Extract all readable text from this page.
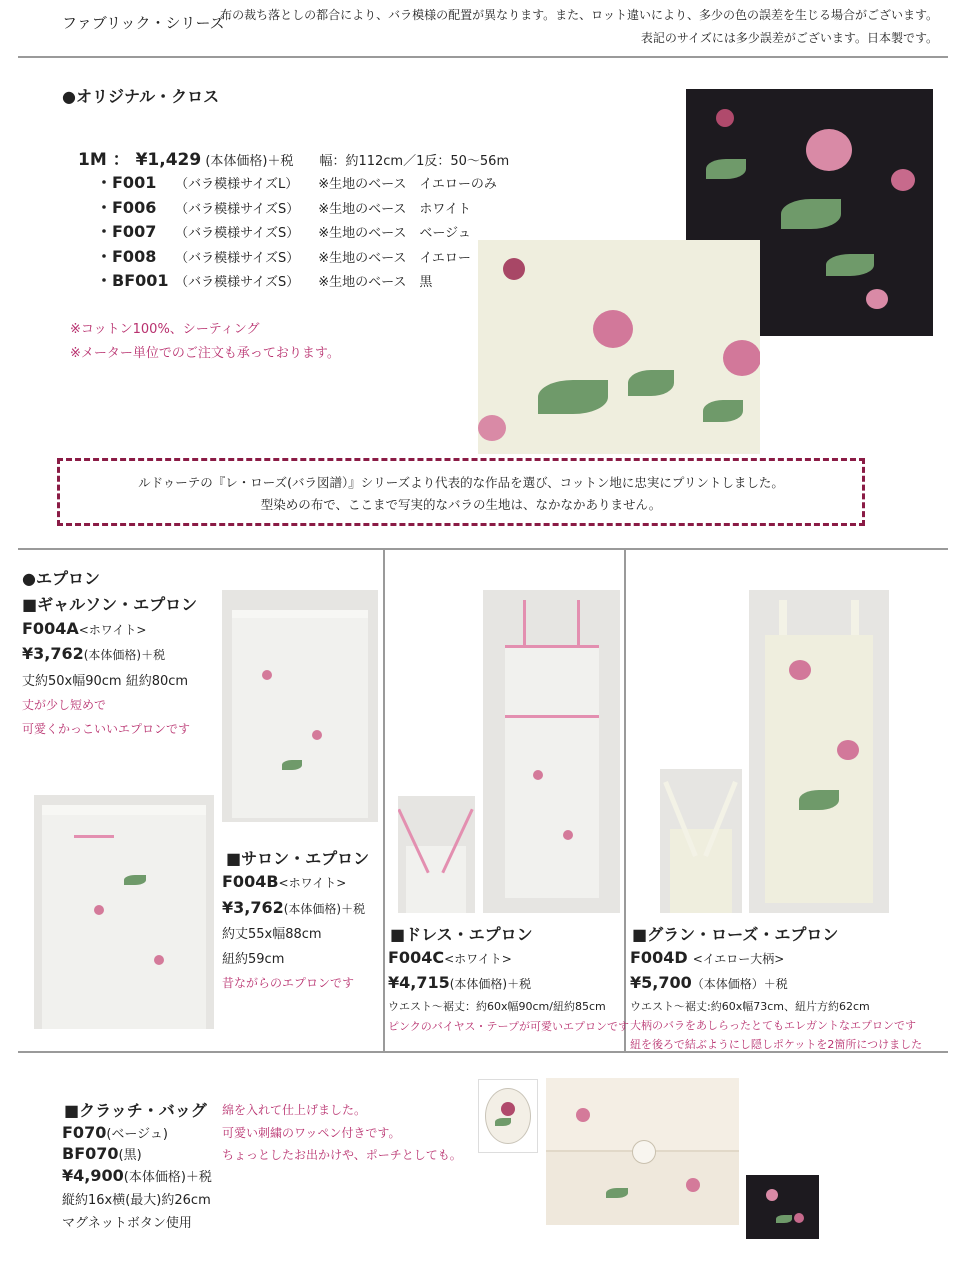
ファブリック・シリーズ
布の裁ち落としの都合により、バラ模様の配置が異なります。また、ロット違いにより、多少の色の誤差を生じる場合がございます。
表記のサイズには多少誤差がございます。日本製です。
●オリジナル・クロス
1M ： ¥1,429 (本体価格)＋税　　幅：約112cm／1反：50～56m
・F001 （バラ模様サイズL） ※生地のベース　イエローのみ
・F006 （バラ模様サイズS） ※生地のベース　ホワイト
・F007 （バラ模様サイズS） ※生地のベース　ベージュ
・F008 （バラ模様サイズS） ※生地のベース　イエロー
・BF001 （バラ模様サイズS） ※生地のベース　黒
※コットン100%、シーティング
※メーター単位でのご注文も承っております。
ルドゥーテの『レ・ローズ(バラ図譜）』シリーズより代表的な作品を選び、コットン地に忠実にプリントしました。
型染めの布で、ここまで写実的なバラの生地は、なかなかありません。
●エプロン
■ギャルソン・エプロン
F004A<ホワイト>
¥3,762(本体価格)＋税
丈約50x幅90cm 紐約80cm
丈が少し短めで
可愛くかっこいいエプロンです
■サロン・エプロン
F004B<ホワイト>
¥3,762(本体価格)＋税
約丈55x幅88cm
紐約59cm
昔ながらのエプロンです
■ドレス・エプロン
F004C<ホワイト>
¥4,715(本体価格)＋税
ウエスト～裾丈：約60x幅90cm/紐約85cm
ピンクのバイヤス・テープが可愛いエプロンです
■グラン・ローズ・エプロン
F004D <イエロー大柄>
¥5,700（本体価格）＋税
ウエスト～裾丈:約60x幅73cm、紐片方約62cm
大柄のバラをあしらったとてもエレガントなエプロンです
紐を後ろで結ぶようにし隠しポケットを2箇所につけました
■クラッチ・バッグ
F070(ベージュ)
BF070(黒)
¥4,900(本体価格)＋税
縦約16x横(最大)約26cm
マグネットボタン使用
綿を入れて仕上げました。
可愛い刺繍のワッペン付きです。
ちょっとしたお出かけや、ポーチとしても。
